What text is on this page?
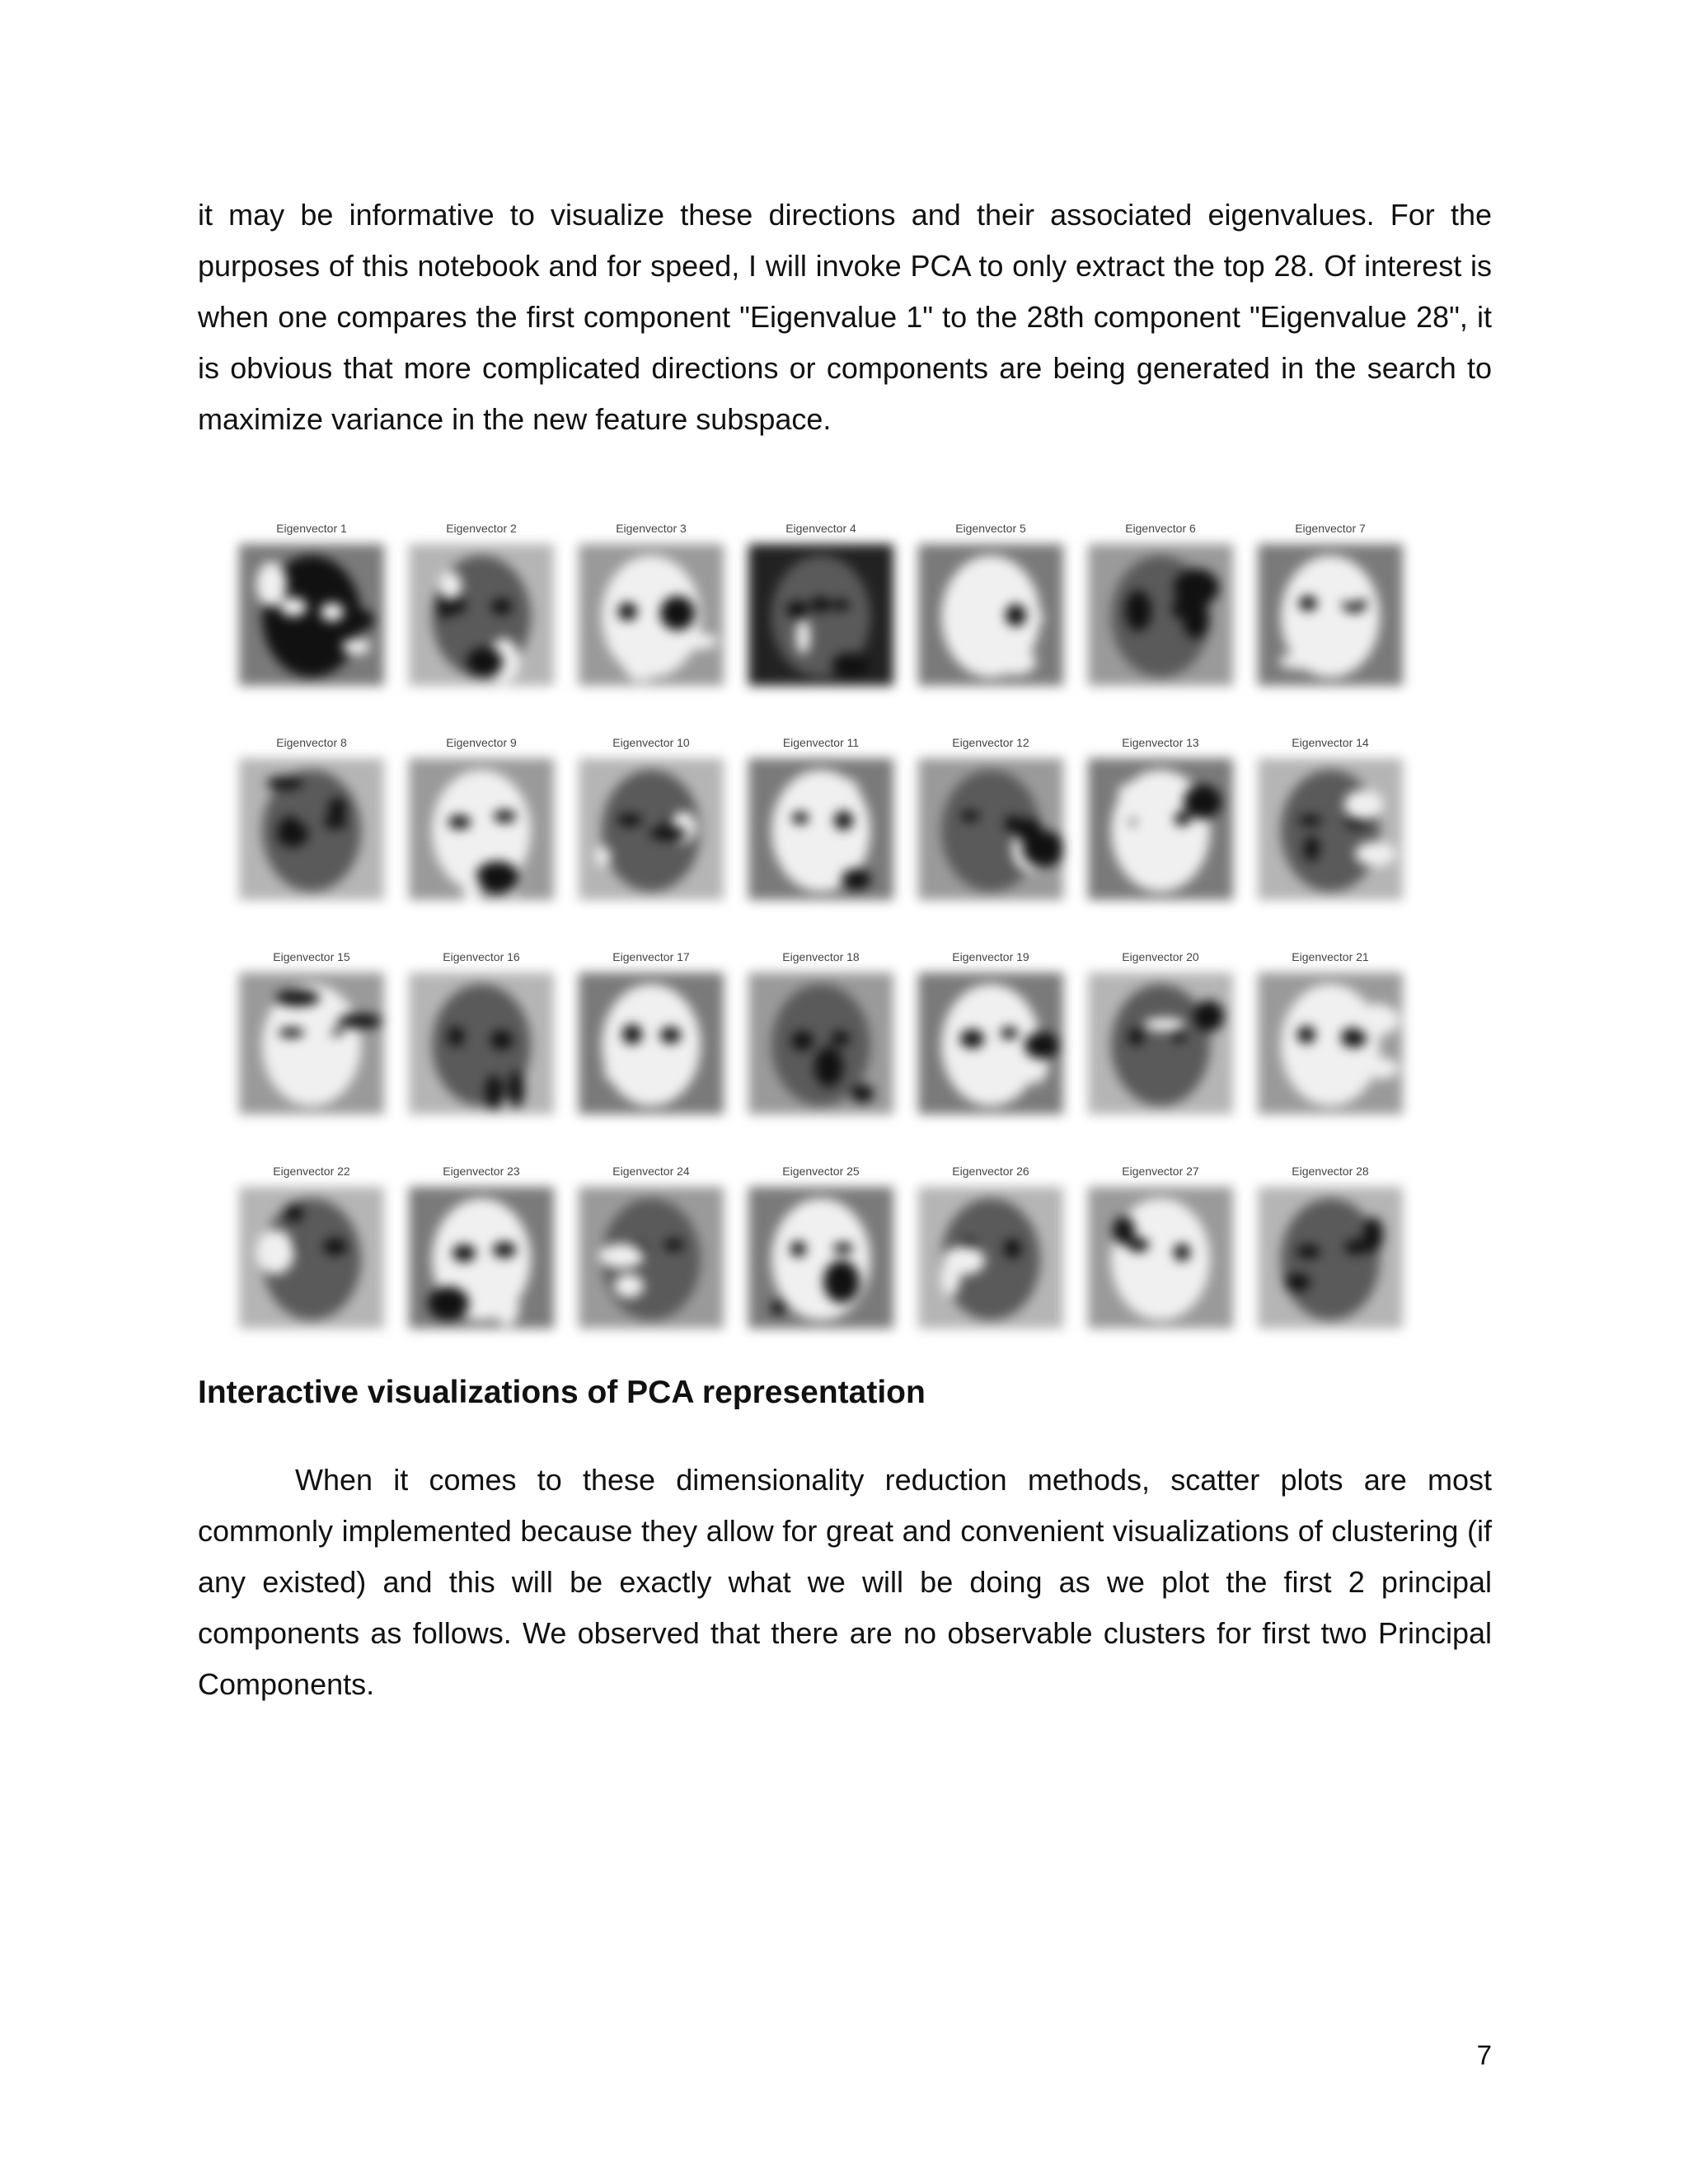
it may be informative to visualize these directions and their associated eigenvalues. For the purposes of this notebook and for speed, I will invoke PCA to only extract the top 28. Of interest is when one compares the first component "Eigenvalue 1" to the 28th component "Eigenvalue 28", it is obvious that more complicated directions or components are being generated in the search to maximize variance in the new feature subspace.

Eigenvector 1	Eigenvector 2	Eigenvector 3	Eigenvector 4	Eigenvector 5	Eigenvector 6	Eigenvector 7
Eigenvector 8	Eigenvector 9	Eigenvector 10	Eigenvector 11	Eigenvector 12	Eigenvector 13	Eigenvector 14
Eigenvector 15	Eigenvector 16	Eigenvector 17	Eigenvector 18	Eigenvector 19	Eigenvector 20	Eigenvector 21
Eigenvector 22	Eigenvector 23	Eigenvector 24	Eigenvector 25	Eigenvector 26	Eigenvector 27	Eigenvector 28
Interactive visualizations of PCA representation

When it comes to these dimensionality reduction methods, scatter plots are most commonly implemented because they allow for great and convenient visualizations of clustering (if any existed) and this will be exactly what we will be doing as we plot the first 2 principal components as follows. We observed that there are no observable clusters for first two Principal Components.

7
